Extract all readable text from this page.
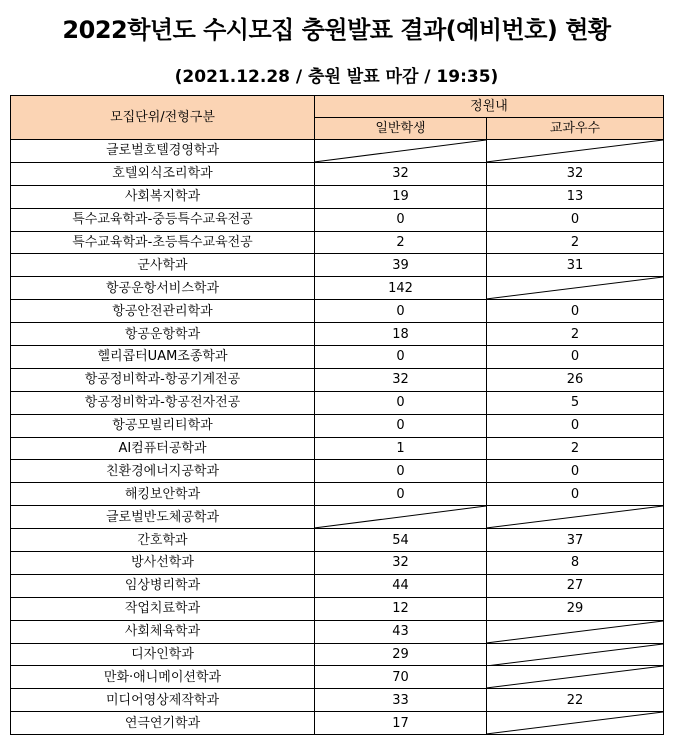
2022학년도 수시모집 충원발표 결과(예비번호) 현황
(2021.12.28 / 충원 발표 마감 / 19:35)
모집단위/전형구분	정원내	
	일반학생	교과우수
글로벌호텔경영학과	

호텔외식조리학과	32	32
사회복지학과	19	13
특수교육학과-중등특수교육전공	0	0
특수교육학과-초등특수교육전공	2	2
군사학과	39	31
항공운항서비스학과	142	

항공안전관리학과	0	0
항공운항학과	18	2
헬리콥터UAM조종학과	0	0
항공정비학과-항공기계전공	32	26
항공정비학과-항공전자전공	0	5
항공모빌리티학과	0	0
AI컴퓨터공학과	1	2
친환경에너지공학과	0	0
해킹보안학과	0	0
글로벌반도체공학과	

간호학과	54	37
방사선학과	32	8
임상병리학과	44	27
작업치료학과	12	29
사회체육학과	43	

디자인학과	29	

만화·애니메이션학과	70	

미디어영상제작학과	33	22
연극연기학과	17	
